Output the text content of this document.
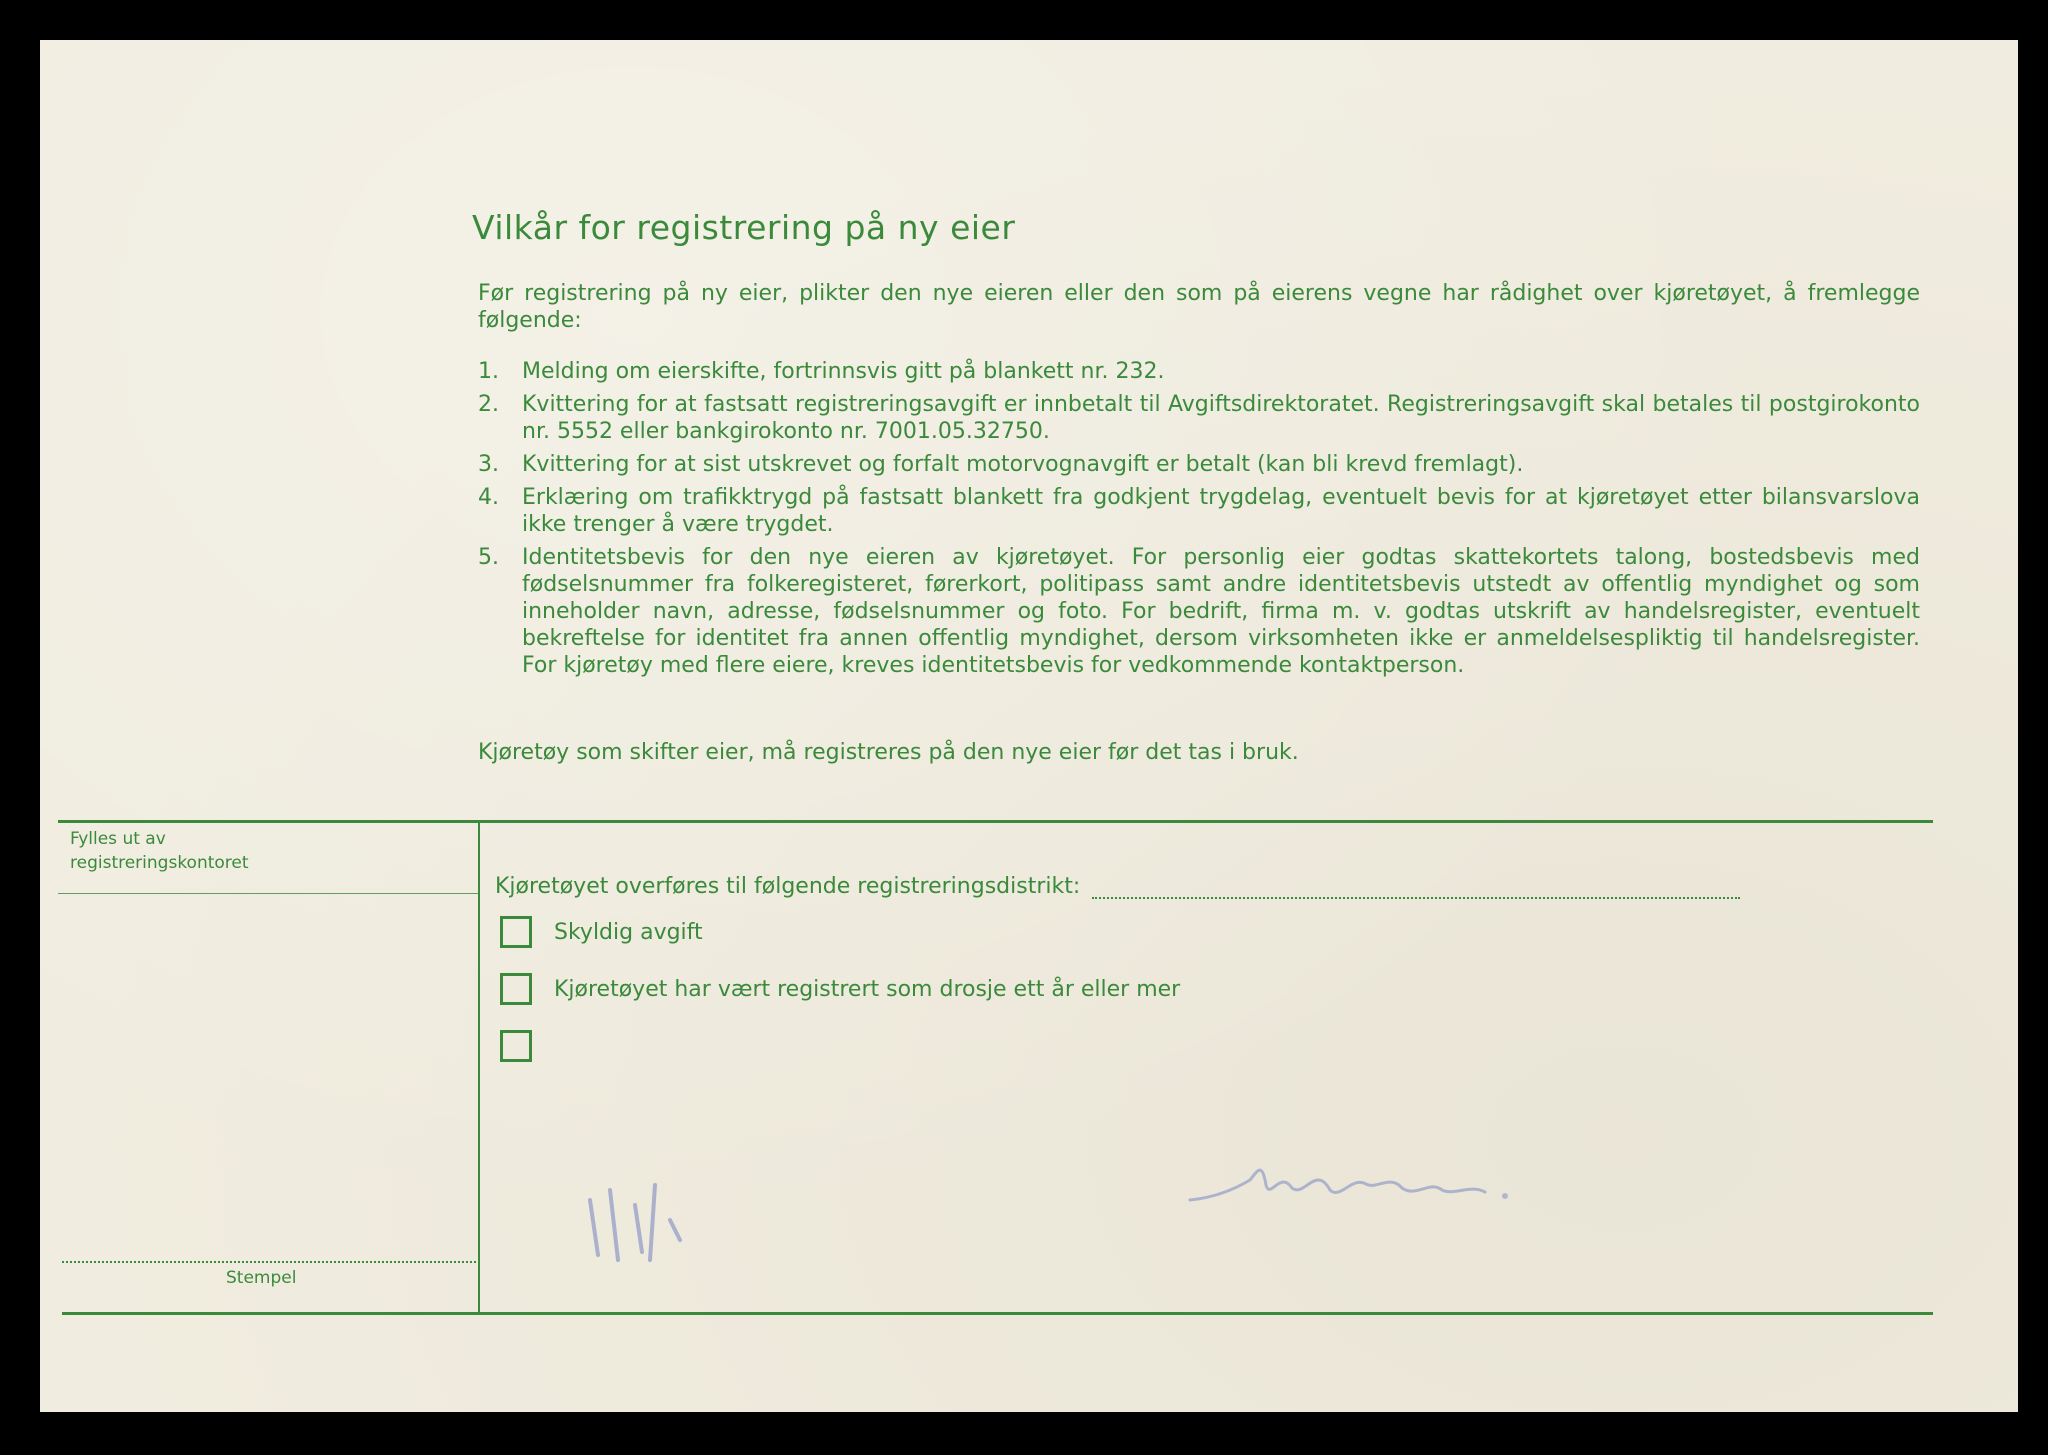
Vilkår for registrering på ny eier
Før registrering på ny eier, plikter den nye eieren eller den som på eierens vegne har rådighet over kjøretøyet, å fremlegge følgende:
1.	Melding om eierskifte, fortrinnsvis gitt på blankett nr. 232.
2.	Kvittering for at fastsatt registreringsavgift er innbetalt til Avgiftsdirektoratet. Registreringsavgift skal betales til postgirokonto nr. 5552 eller bankgirokonto nr. 7001.05.32750.
3.	Kvittering for at sist utskrevet og forfalt motorvognavgift er betalt (kan bli krevd fremlagt).
4.	Erklæring om trafikktrygd på fastsatt blankett fra godkjent trygdelag, eventuelt bevis for at kjøretøyet etter bilansvarslova ikke trenger å være trygdet.
5.	Identitetsbevis for den nye eieren av kjøretøyet. For personlig eier godtas skattekortets talong, bostedsbevis med fødselsnummer fra folkeregisteret, førerkort, politipass samt andre identitetsbevis utstedt av offentlig myndighet og som inneholder navn, adresse, fødselsnummer og foto. For bedrift, firma m. v. godtas utskrift av handelsregister, eventuelt bekreftelse for identitet fra annen offentlig myndighet, dersom virksomheten ikke er anmeldelsespliktig til handelsregister. For kjøretøy med flere eiere, kreves identitetsbevis for vedkommende kontaktperson.
Kjøretøy som skifter eier, må registreres på den nye eier før det tas i bruk.
Fylles ut av
registreringskontoret
Stempel
Kjøretøyet overføres til følgende registreringsdistrikt:
Skyldig avgift
Kjøretøyet har vært registrert som drosje ett år eller mer
